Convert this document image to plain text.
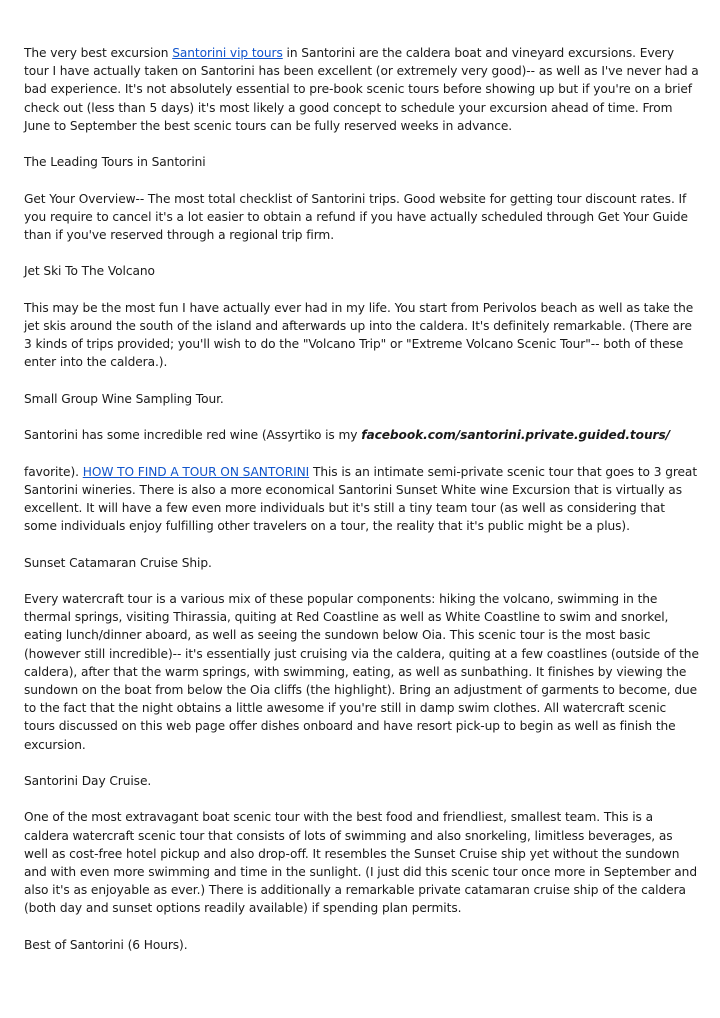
The very best excursion Santorini vip tours in Santorini are the caldera boat and vineyard excursions. Every tour I have actually taken on Santorini has been excellent (or extremely very good)-- as well as I've never had a bad experience. It's not absolutely essential to pre-book scenic tours before showing up but if you're on a brief check out (less than 5 days) it's most likely a good concept to schedule your excursion ahead of time. From June to September the best scenic tours can be fully reserved weeks in advance.

The Leading Tours in Santorini

Get Your Overview-- The most total checklist of Santorini trips. Good website for getting tour discount rates. If you require to cancel it's a lot easier to obtain a refund if you have actually scheduled through Get Your Guide than if you've reserved through a regional trip firm.

Jet Ski To The Volcano

This may be the most fun I have actually ever had in my life. You start from Perivolos beach as well as take the jet skis around the south of the island and afterwards up into the caldera. It's definitely remarkable. (There are 3 kinds of trips provided; you'll wish to do the "Volcano Trip" or "Extreme Volcano Scenic Tour"-- both of these enter into the caldera.).

Small Group Wine Sampling Tour.

Santorini has some incredible red wine (Assyrtiko is my facebook.com/santorini.private.guided.tours/

favorite). HOW TO FIND A TOUR ON SANTORINI This is an intimate semi-private scenic tour that goes to 3 great Santorini wineries. There is also a more economical Santorini Sunset White wine Excursion that is virtually as excellent. It will have a few even more individuals but it's still a tiny team tour (as well as considering that some individuals enjoy fulfilling other travelers on a tour, the reality that it's public might be a plus).

Sunset Catamaran Cruise Ship.

Every watercraft tour is a various mix of these popular components: hiking the volcano, swimming in the thermal springs, visiting Thirassia, quiting at Red Coastline as well as White Coastline to swim and snorkel, eating lunch/dinner aboard, as well as seeing the sundown below Oia. This scenic tour is the most basic (however still incredible)-- it's essentially just cruising via the caldera, quiting at a few coastlines (outside of the caldera), after that the warm springs, with swimming, eating, as well as sunbathing. It finishes by viewing the sundown on the boat from below the Oia cliffs (the highlight). Bring an adjustment of garments to become, due to the fact that the night obtains a little awesome if you're still in damp swim clothes. All watercraft scenic tours discussed on this web page offer dishes onboard and have resort pick-up to begin as well as finish the excursion.

Santorini Day Cruise.

One of the most extravagant boat scenic tour with the best food and friendliest, smallest team. This is a caldera watercraft scenic tour that consists of lots of swimming and also snorkeling, limitless beverages, as well as cost-free hotel pickup and also drop-off. It resembles the Sunset Cruise ship yet without the sundown and with even more swimming and time in the sunlight. (I just did this scenic tour once more in September and also it's as enjoyable as ever.) There is additionally a remarkable private catamaran cruise ship of the caldera (both day and sunset options readily available) if spending plan permits.

Best of Santorini (6 Hours).
